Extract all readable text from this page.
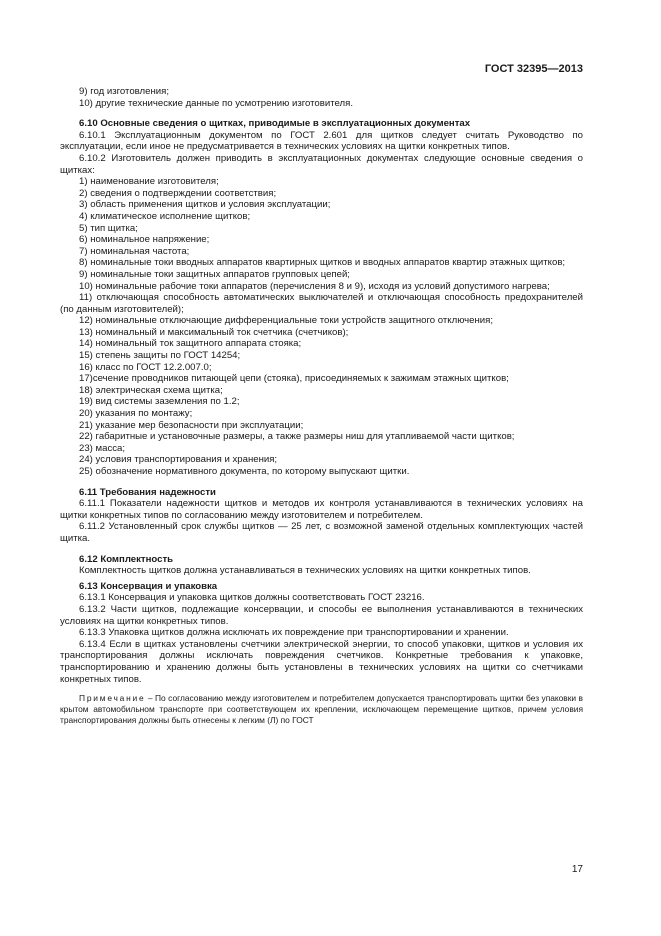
ГОСТ 32395—2013

9) год изготовления;

10) другие технические данные по усмотрению изготовителя.

6.10 Основные сведения о щитках, приводимые в эксплуатационных документах

6.10.1 Эксплуатационным документом по ГОСТ 2.601 для щитков следует считать Руководство по эксплуатации, если иное не предусматривается в технических условиях на щитки конкретных типов.

6.10.2 Изготовитель должен приводить в эксплуатационных документах следующие основные сведения о щитках:

1) наименование изготовителя;

2) сведения о подтверждении соответствия;

3) область применения щитков и условия эксплуатации;

4) климатическое исполнение щитков;

5) тип щитка;

6) номинальное напряжение;

7) номинальная частота;

8) номинальные токи вводных аппаратов квартирных щитков и вводных аппаратов квартир этажных щитков;

9) номинальные токи защитных аппаратов групповых цепей;

10) номинальные рабочие токи аппаратов (перечисления 8 и 9), исходя из условий допустимого нагрева;

11) отключающая способность автоматических выключателей и отключающая способность предохранителей (по данным изготовителей);

12) номинальные отключающие дифференциальные токи устройств защитного отключения;

13) номинальный и максимальный ток счетчика (счетчиков);

14) номинальный ток защитного аппарата стояка;

15) степень защиты по ГОСТ 14254;

16) класс по ГОСТ 12.2.007.0;

17)сечение проводников питающей цепи (стояка), присоединяемых к зажимам этажных щитков;

18) электрическая схема щитка;

19) вид системы заземления по 1.2;

20) указания по монтажу;

21) указание мер безопасности при эксплуатации;

22) габаритные и установочные размеры, а также размеры ниш для утапливаемой части щитков;

23) масса;

24) условия транспортирования и хранения;

25) обозначение нормативного документа, по которому выпускают щитки.

6.11 Требования надежности

6.11.1 Показатели надежности щитков и методов их контроля устанавливаются в технических условиях на щитки конкретных типов по согласованию между изготовителем и потребителем.

6.11.2 Установленный срок службы щитков — 25 лет, с возможной заменой отдельных комплектующих частей щитка.

6.12 Комплектность

Комплектность щитков должна устанавливаться в технических условиях на щитки конкретных типов.

6.13 Консервация и упаковка

6.13.1 Консервация и упаковка щитков должны соответствовать ГОСТ 23216.

6.13.2 Части щитков, подлежащие консервации, и способы ее выполнения устанавливаются в технических условиях на щитки конкретных типов.

6.13.3 Упаковка щитков должна исключать их повреждение при транспортировании и хранении.

6.13.4 Если в щитках установлены счетчики электрической энергии, то способ упаковки, щитков и условия их транспортирования должны исключать повреждения счетчиков. Конкретные требования к упаковке, транспортированию и хранению должны быть установлены в технических условиях на щитки со счетчиками конкретных типов.

Примечание – По согласованию между изготовителем и потребителем допускается транспортировать щитки без упаковки в крытом автомобильном транспорте при соответствующем их креплении, исключающем перемещение щитков, причем условия транспортирования должны быть отнесены к легким (Л) по ГОСТ

17
